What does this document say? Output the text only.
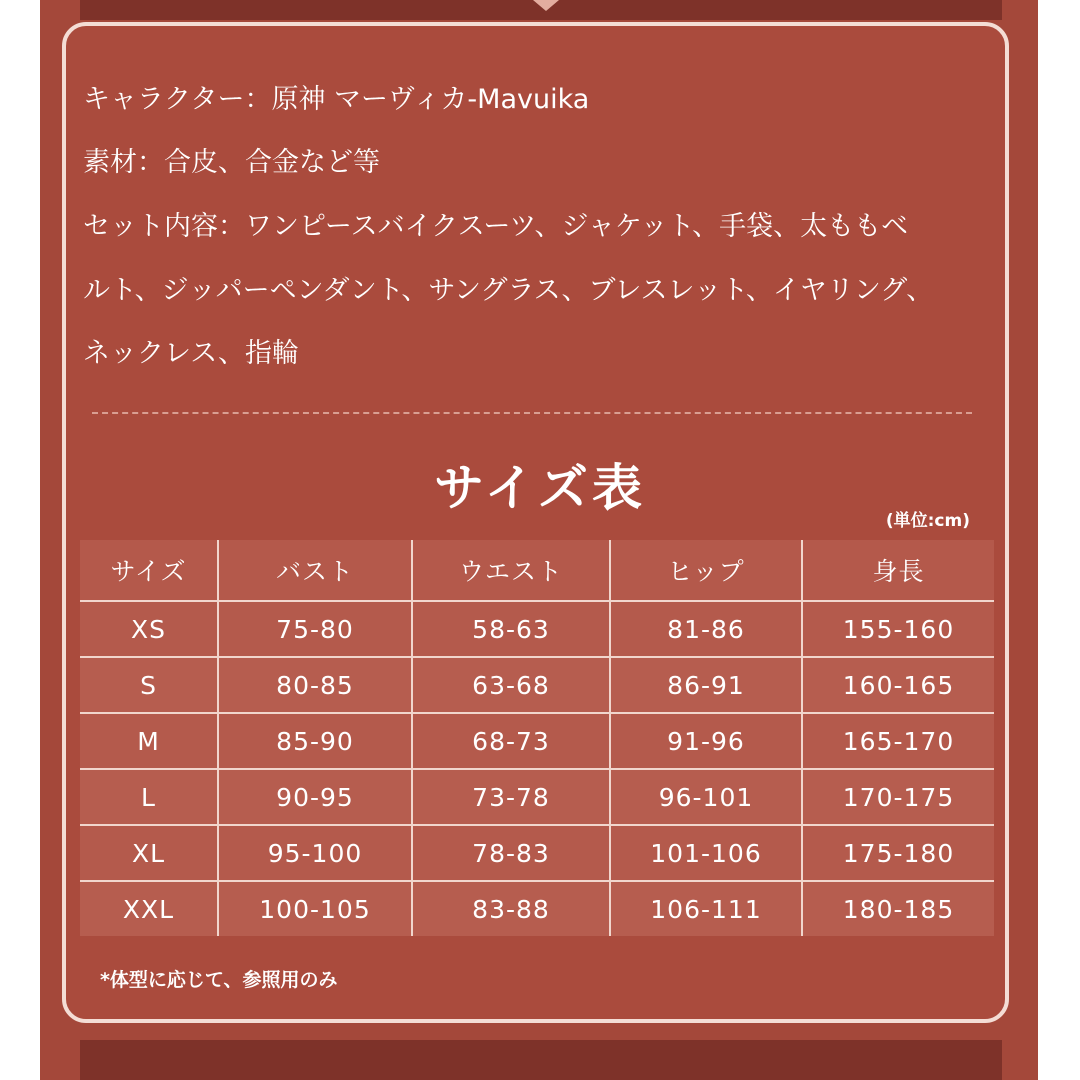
キャラクター：原神 マーヴィカ-Mavuika

素材：合皮、合金など等

セット内容：ワンピースバイクスーツ、ジャケット、手袋、太ももベ

ルト、ジッパーペンダント、サングラス、ブレスレット、イヤリング、

ネックレス、指輪

サイズ表
(単位:cm)
サイズ	バスト	ウエスト	ヒップ	身長
XS	75-80	58-63	81-86	155-160
S	80-85	63-68	86-91	160-165
M	85-90	68-73	91-96	165-170
L	90-95	73-78	96-101	170-175
XL	95-100	78-83	101-106	175-180
XXL	100-105	83-88	106-111	180-185
*体型に応じて、参照用のみ
